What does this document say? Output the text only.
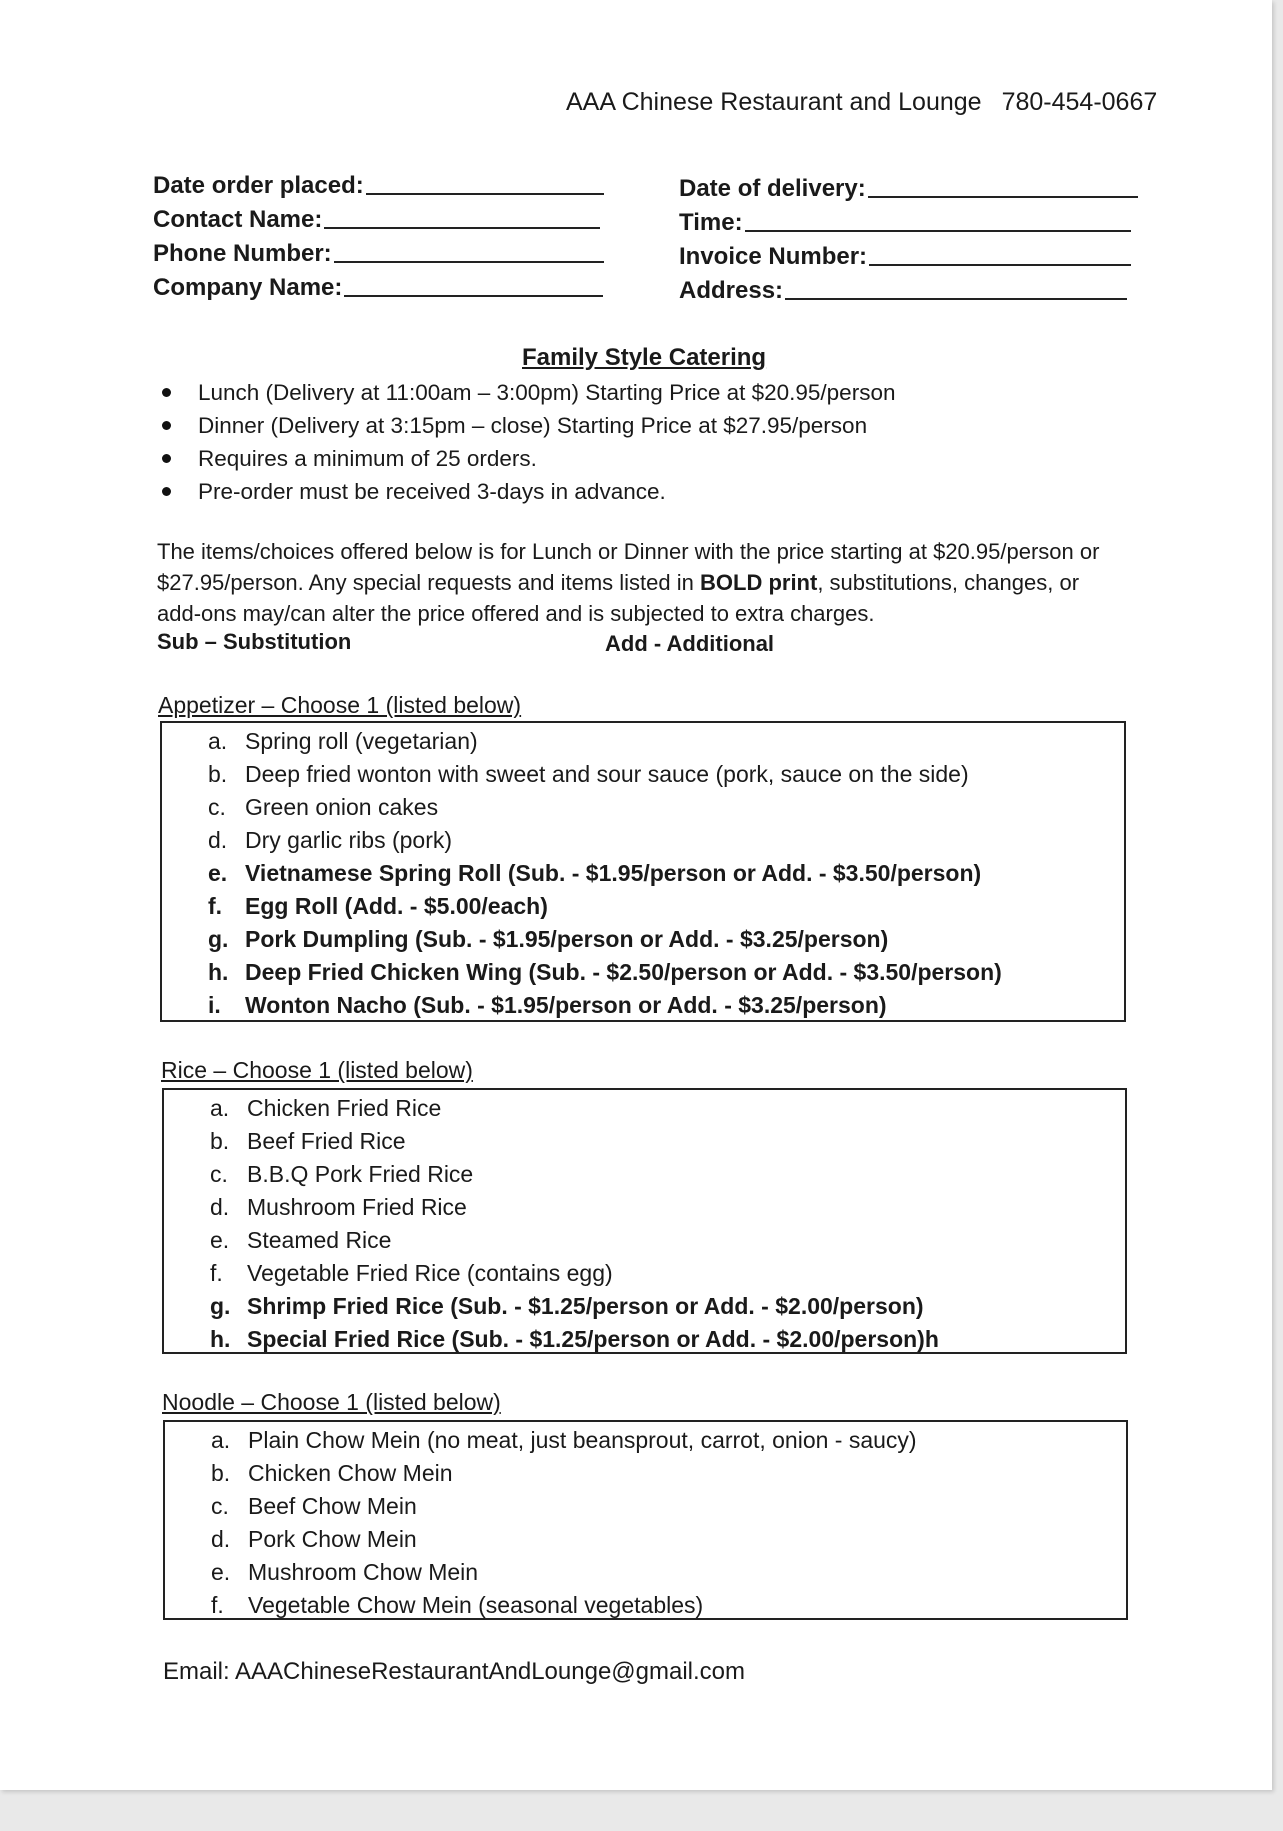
AAA Chinese Restaurant and Lounge 780-454-0667
Date order placed:
Contact Name:
Phone Number:
Company Name:
Date of delivery:
Time:
Invoice Number:
Address:
Family Style Catering
Lunch (Delivery at 11:00am – 3:00pm) Starting Price at $20.95/person
Dinner (Delivery at 3:15pm – close) Starting Price at $27.95/person
Requires a minimum of 25 orders.
Pre-order must be received 3-days in advance.
The items/choices offered below is for Lunch or Dinner with the price starting at $20.95/person or $27.95/person. Any special requests and items listed in BOLD print, substitutions, changes, or add-ons may/can alter the price offered and is subjected to extra charges.
Sub – Substitution	Add - Additional
Appetizer – Choose 1 (listed below)
a. Spring roll (vegetarian)
b. Deep fried wonton with sweet and sour sauce (pork, sauce on the side)
c. Green onion cakes
d. Dry garlic ribs (pork)
e. Vietnamese Spring Roll (Sub. - $1.95/person or Add. - $3.50/person)
f. Egg Roll (Add. - $5.00/each)
g. Pork Dumpling (Sub. - $1.95/person or Add. - $3.25/person)
h. Deep Fried Chicken Wing (Sub. - $2.50/person or Add. - $3.50/person)
i.	Wonton Nacho (Sub. - $1.95/person or Add. - $3.25/person)
Rice – Choose 1 (listed below)
a. Chicken Fried Rice
b. Beef Fried Rice
c. B.B.Q Pork Fried Rice
d. Mushroom Fried Rice
e. Steamed Rice
f.	Vegetable Fried Rice (contains egg)
g. Shrimp Fried Rice (Sub. - $1.25/person or Add. - $2.00/person)
h. Special Fried Rice (Sub. - $1.25/person or Add. - $2.00/person)h
Noodle – Choose 1 (listed below)
a. Plain Chow Mein (no meat, just beansprout, carrot, onion - saucy)
b. Chicken Chow Mein
c. Beef Chow Mein
d. Pork Chow Mein
e. Mushroom Chow Mein
f.	Vegetable Chow Mein (seasonal vegetables)
Email: AAAChineseRestaurantAndLounge@gmail.com
